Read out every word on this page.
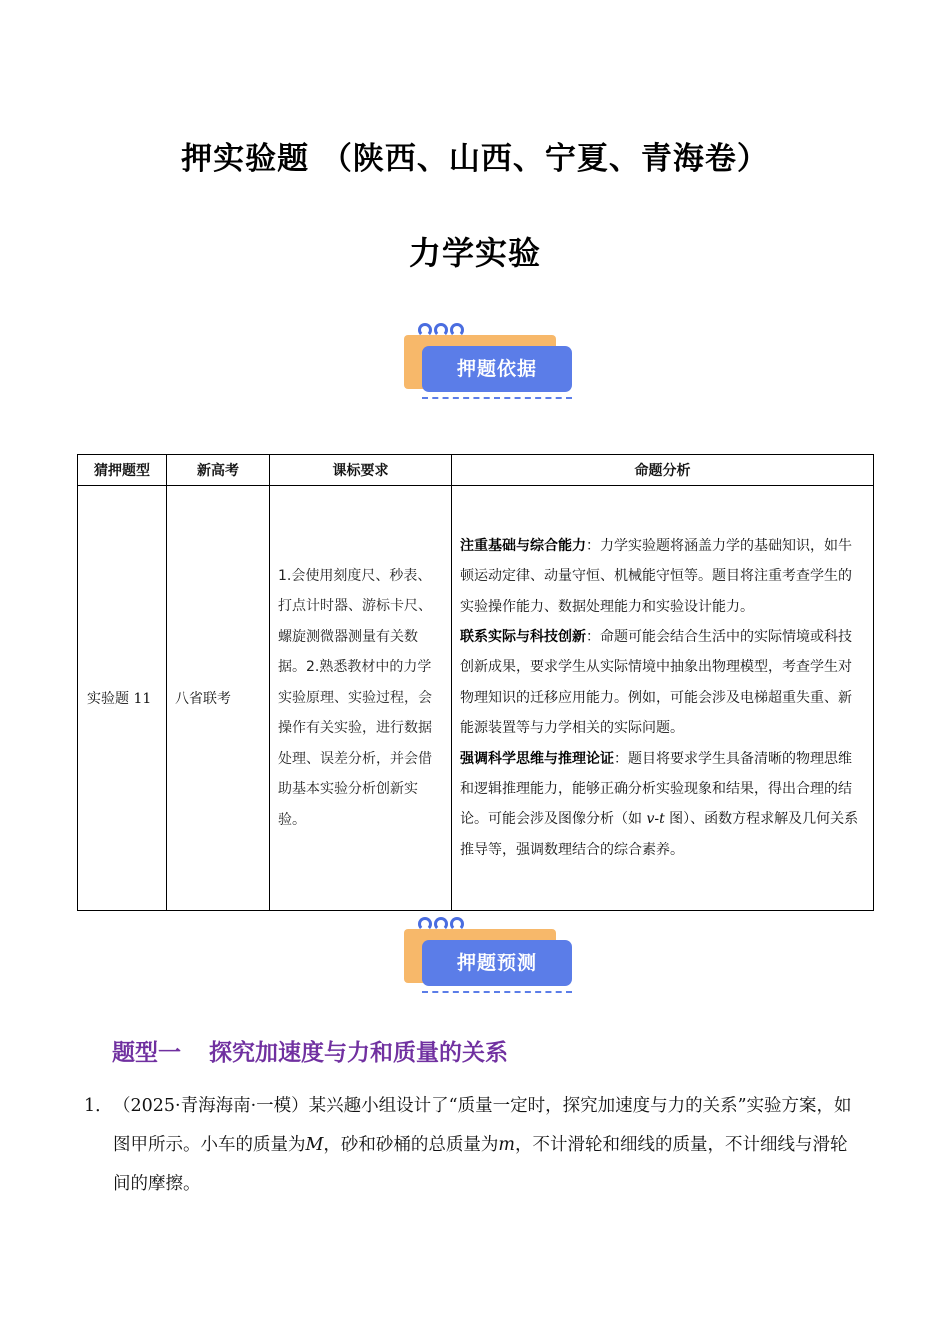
押实验题 （陕西、山西、宁夏、青海卷）
力学实验
押题依据
猜押题型	新高考	课标要求	命题分析
实验题 11	八省联考	1.会使用刻度尺、秒表、打点计时器、游标卡尺、螺旋测微器测量有关数据。2.熟悉教材中的力学实验原理、实验过程，会操作有关实验，进行数据处理、误差分析，并会借助基本实验分析创新实验。	注重基础与综合能力：力学实验题将涵盖力学的基础知识，如牛顿运动定律、动量守恒、机械能守恒等。题目将注重考查学生的实验操作能力、数据处理能力和实验设计能力。

联系实际与科技创新：命题可能会结合生活中的实际情境或科技创新成果，要求学生从实际情境中抽象出物理模型，考查学生对物理知识的迁移应用能力。例如，可能会涉及电梯超重失重、新能源装置等与力学相关的实际问题。

强调科学思维与推理论证：题目将要求学生具备清晰的物理思维和逻辑推理能力，能够正确分析实验现象和结果，得出合理的结论。可能会涉及图像分析（如 v-t 图）、函数方程求解及几何关系推导等，强调数理结合的综合素养。

押题预测
题型一 探究加速度与力和质量的关系
1． （2025·青海海南·一模）某兴趣小组设计了“质量一定时，探究加速度与力的关系”实验方案，如图甲所示。小车的质量为M，砂和砂桶的总质量为m，不计滑轮和细线的质量，不计细线与滑轮间的摩擦。
